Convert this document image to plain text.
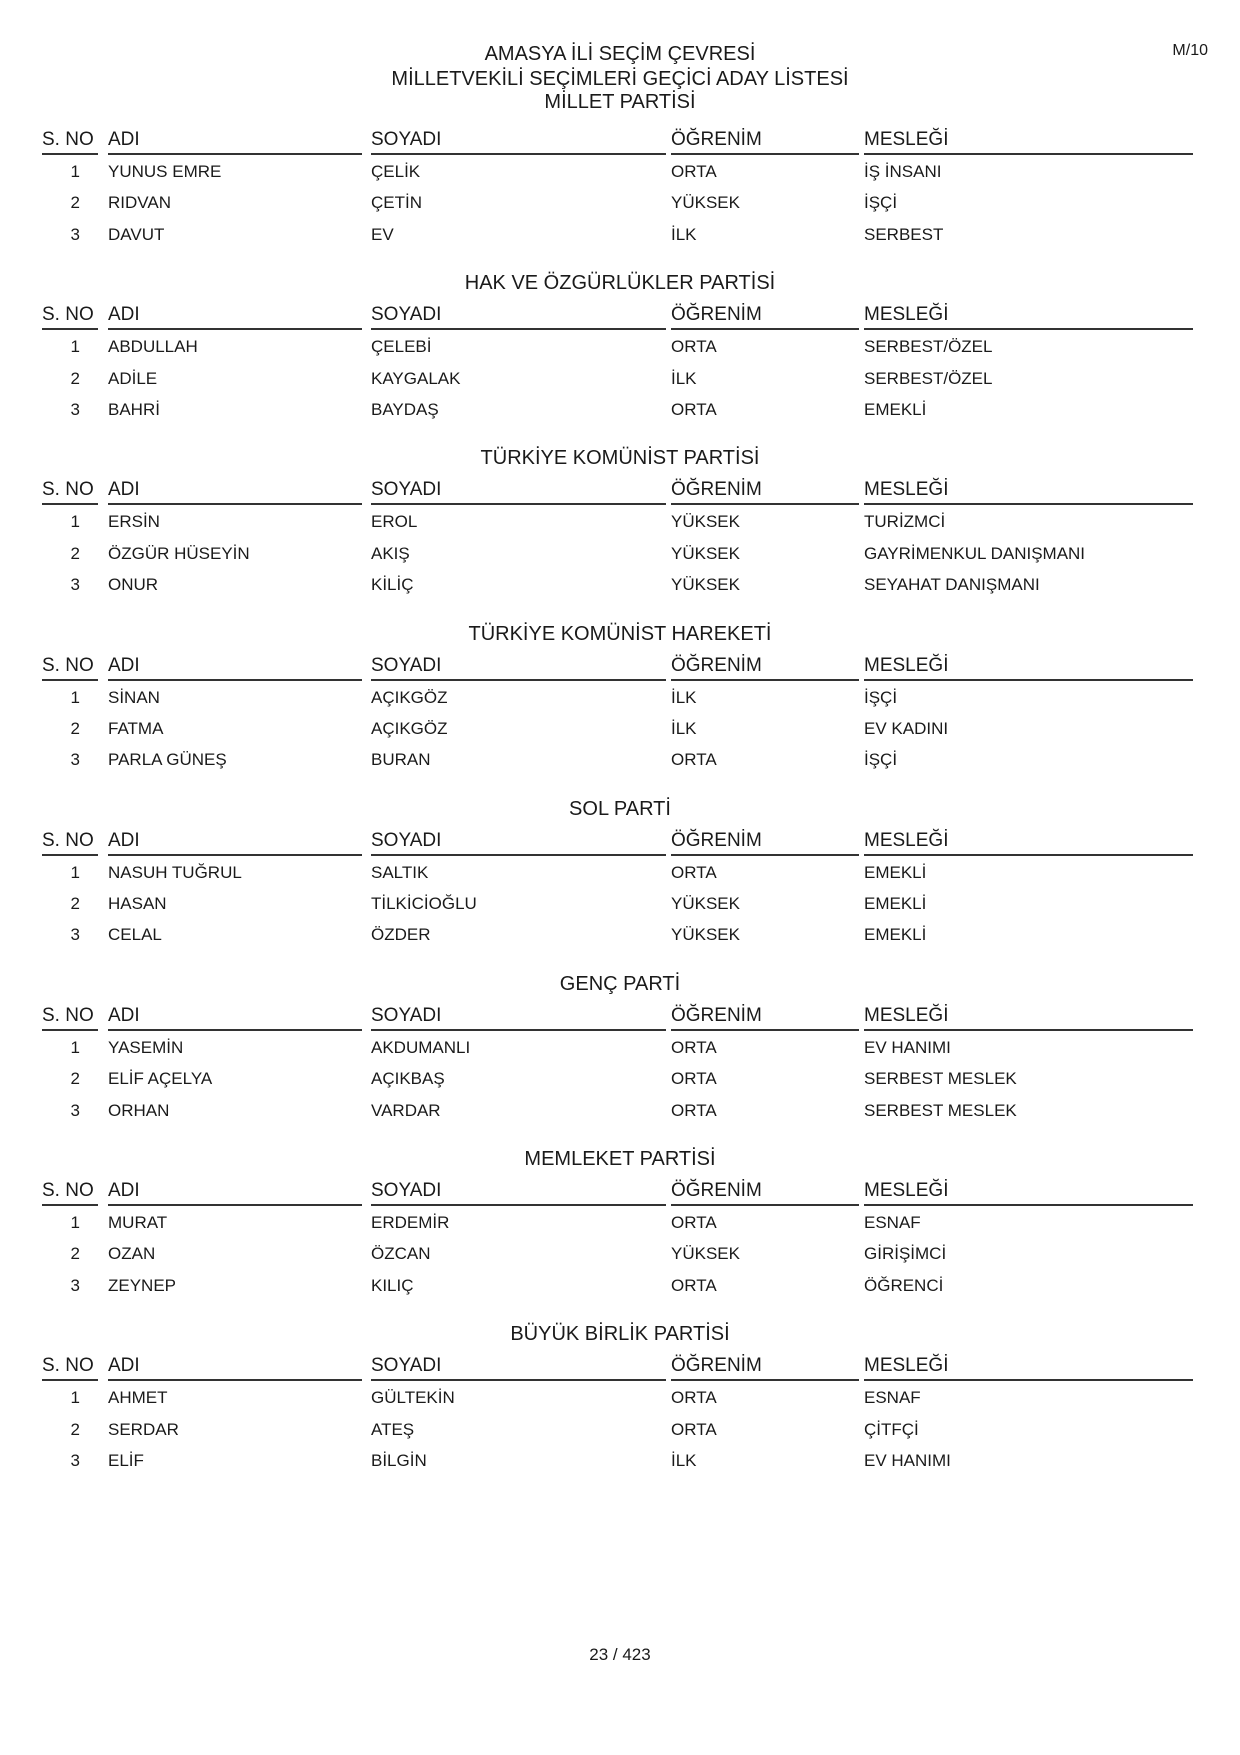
M/10
AMASYA İLİ SEÇİM ÇEVRESİ
MİLLETVEKİLİ SEÇİMLERİ GEÇİCİ ADAY LİSTESİ
MİLLET PARTİSİ
S. NO ADI	SOYADI	ÖĞRENİM	MESLEĞİ
1 YUNUS EMRE	ÇELİK	ORTA	İŞ İNSANI
2 RIDVAN	ÇETİN	YÜKSEK	İŞÇİ
3 DAVUT	EV	İLK	SERBEST
HAK VE ÖZGÜRLÜKLER PARTİSİ
S. NO ADI	SOYADI	ÖĞRENİM	MESLEĞİ
1 ABDULLAH	ÇELEBİ	ORTA	SERBEST/ÖZEL
2 ADİLE	KAYGALAK	İLK	SERBEST/ÖZEL
3 BAHRİ	BAYDAŞ	ORTA	EMEKLİ
TÜRKİYE KOMÜNİST PARTİSİ
S. NO ADI	SOYADI	ÖĞRENİM	MESLEĞİ
1 ERSİN	EROL	YÜKSEK	TURİZMCİ
2 ÖZGÜR HÜSEYİN	AKIŞ	YÜKSEK	GAYRİMENKUL DANIŞMANI
3 ONUR	KİLİÇ	YÜKSEK	SEYAHAT DANIŞMANI
TÜRKİYE KOMÜNİST HAREKETİ
S. NO ADI	SOYADI	ÖĞRENİM	MESLEĞİ
1 SİNAN	AÇIKGÖZ	İLK	İŞÇİ
2 FATMA	AÇIKGÖZ	İLK	EV KADINI
3 PARLA GÜNEŞ	BURAN	ORTA	İŞÇİ
SOL PARTİ
S. NO ADI	SOYADI	ÖĞRENİM	MESLEĞİ
1 NASUH TUĞRUL	SALTIK	ORTA	EMEKLİ
2 HASAN	TİLKİCİOĞLU	YÜKSEK	EMEKLİ
3 CELAL	ÖZDER	YÜKSEK	EMEKLİ
GENÇ PARTİ
S. NO ADI	SOYADI	ÖĞRENİM	MESLEĞİ
1 YASEMİN	AKDUMANLI	ORTA	EV HANIMI
2 ELİF AÇELYA	AÇIKBAŞ	ORTA	SERBEST MESLEK
3 ORHAN	VARDAR	ORTA	SERBEST MESLEK
MEMLEKET PARTİSİ
S. NO ADI	SOYADI	ÖĞRENİM	MESLEĞİ
1 MURAT	ERDEMİR	ORTA	ESNAF
2 OZAN	ÖZCAN	YÜKSEK	GİRİŞİMCİ
3 ZEYNEP	KILIÇ	ORTA	ÖĞRENCİ
BÜYÜK BİRLİK PARTİSİ
S. NO ADI	SOYADI	ÖĞRENİM	MESLEĞİ
1 AHMET	GÜLTEKİN	ORTA	ESNAF
2 SERDAR	ATEŞ	ORTA	ÇİTFÇİ
3 ELİF	BİLGİN	İLK	EV HANIMI
23 / 423
